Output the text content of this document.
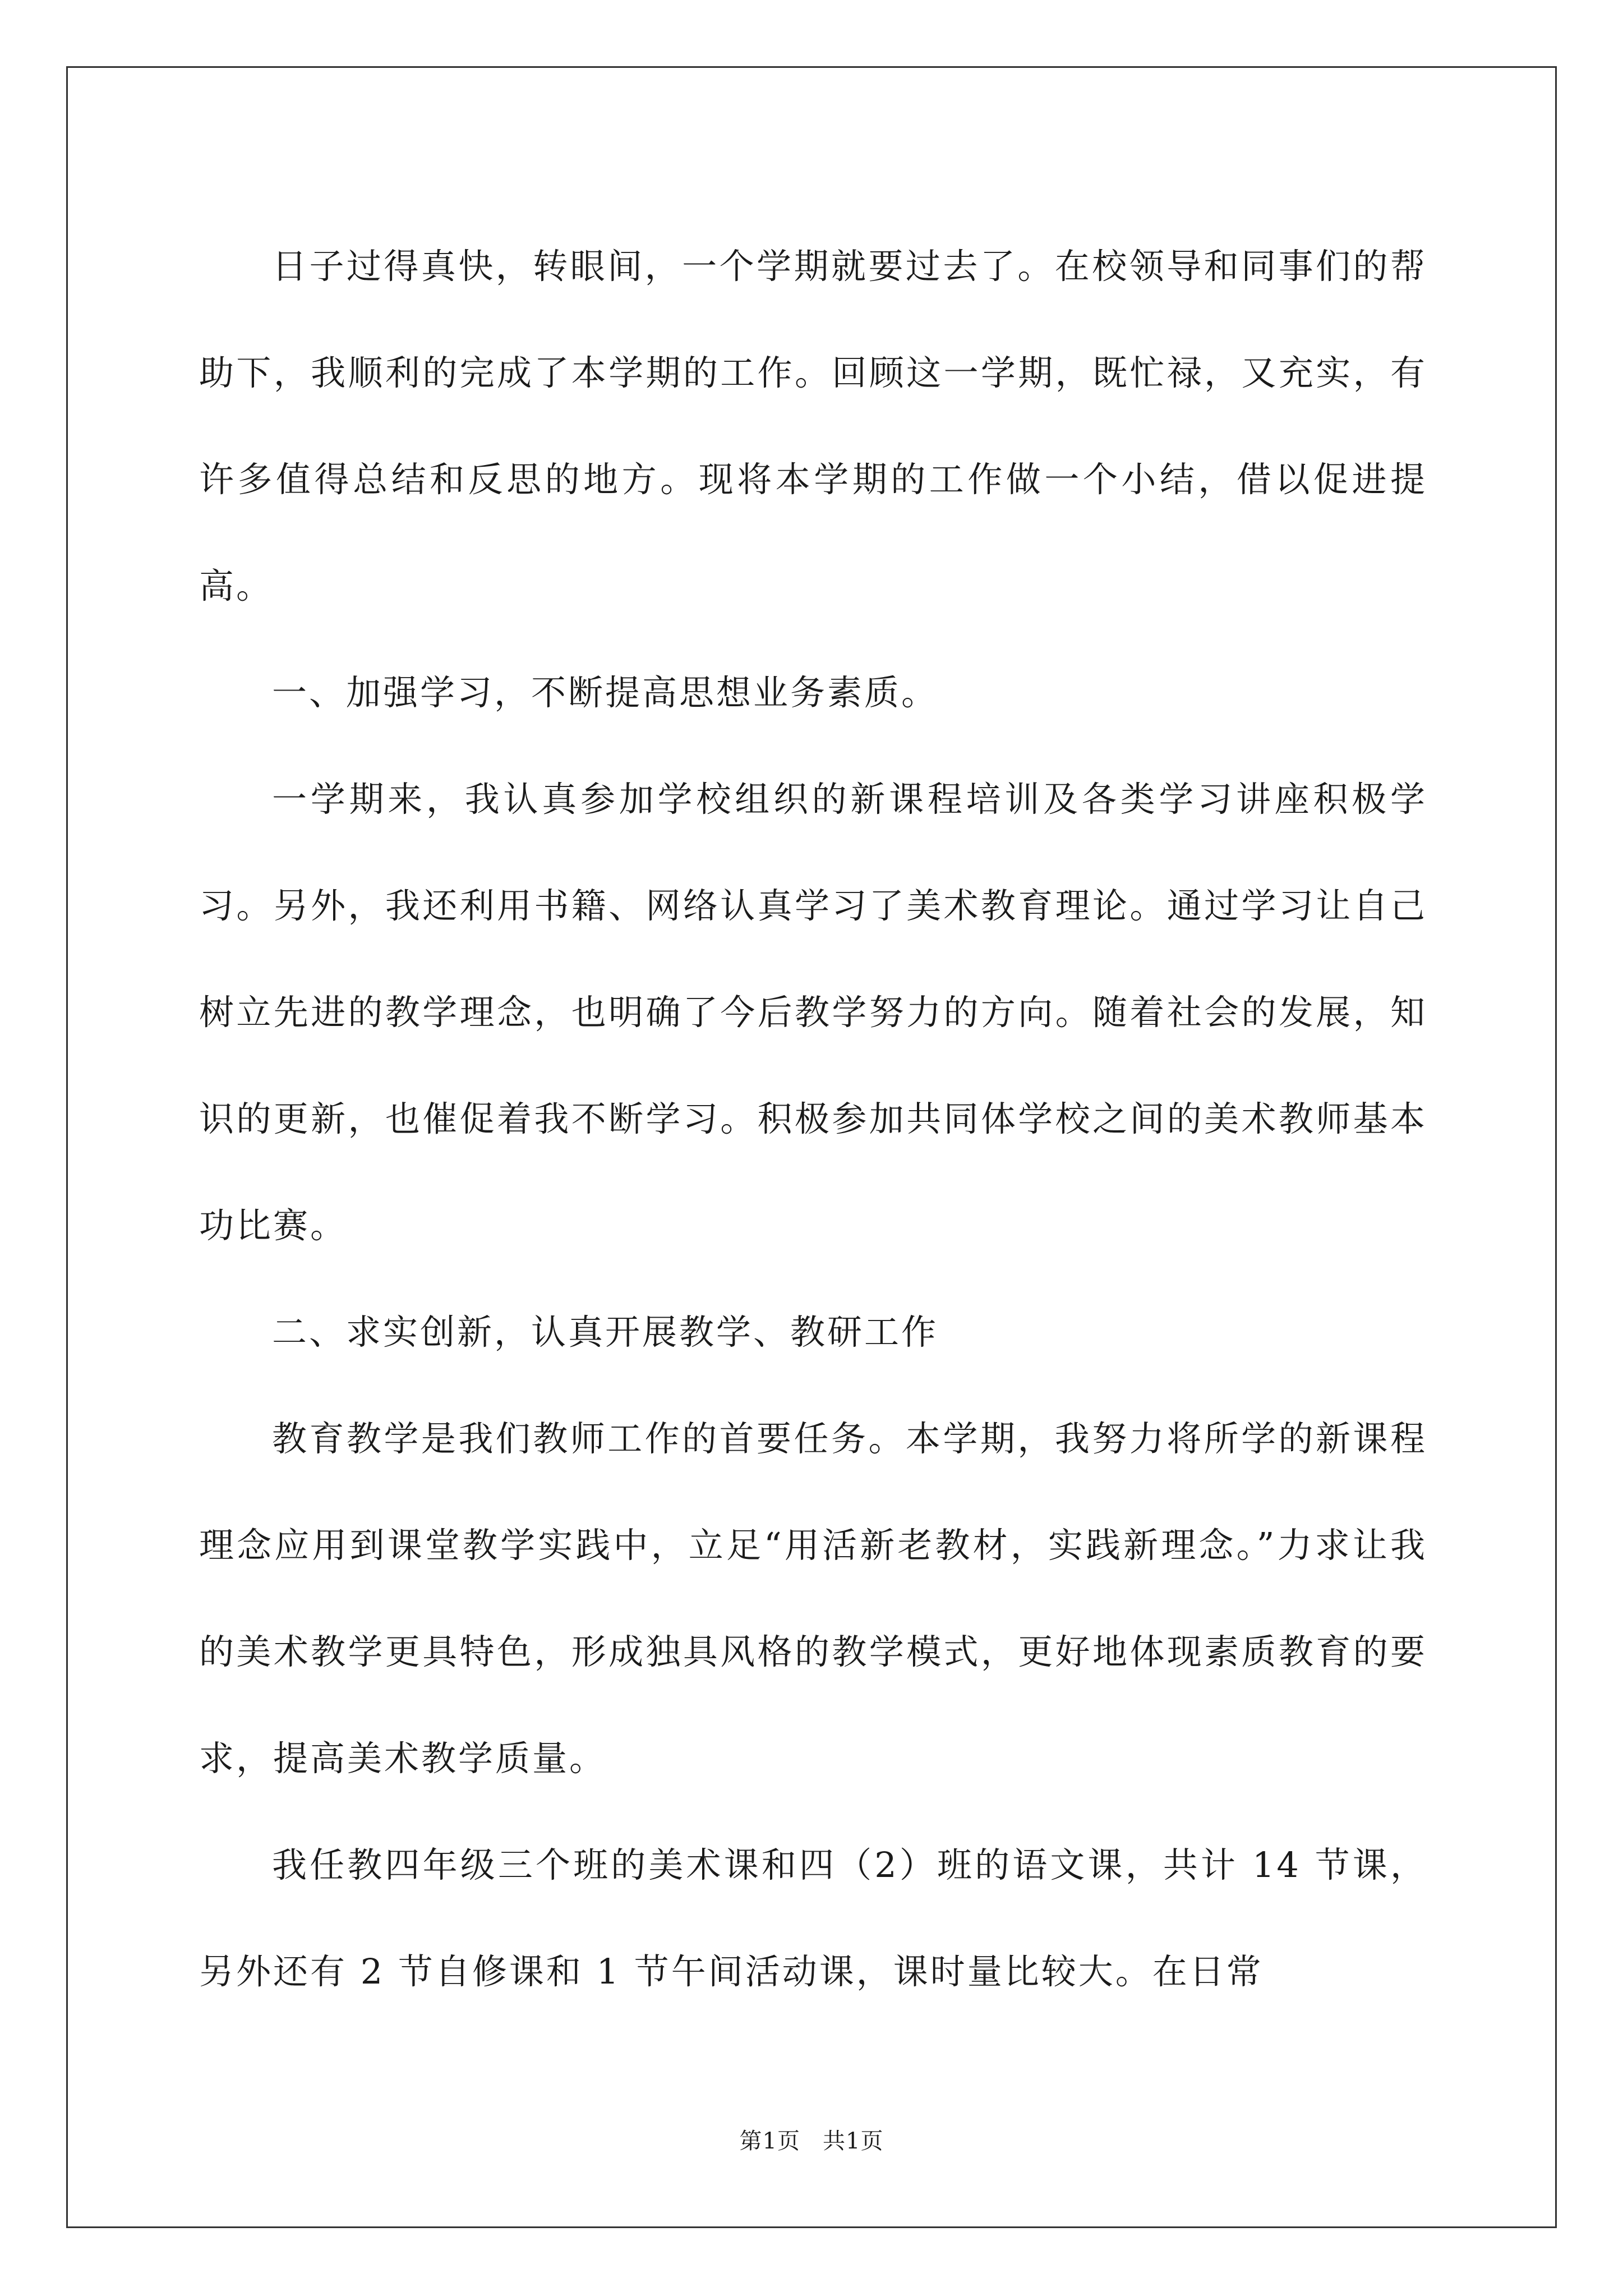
日子过得真快，转眼间，一个学期就要过去了。在校领导和同事们的帮助下，我顺利的完成了本学期的工作。回顾这一学期，既忙禄，又充实，有许多值得总结和反思的地方。现将本学期的工作做一个小结，借以促进提高。

一、加强学习，不断提高思想业务素质。

一学期来，我认真参加学校组织的新课程培训及各类学习讲座积极学习。另外，我还利用书籍、网络认真学习了美术教育理论。通过学习让自己树立先进的教学理念，也明确了今后教学努力的方向。随着社会的发展，知识的更新，也催促着我不断学习。积极参加共同体学校之间的美术教师基本功比赛。

二、求实创新，认真开展教学、教研工作

教育教学是我们教师工作的首要任务。本学期，我努力将所学的新课程理念应用到课堂教学实践中，立足“用活新老教材，实践新理念。”力求让我的美术教学更具特色，形成独具风格的教学模式，更好地体现素质教育的要求，提高美术教学质量。

我任教四年级三个班的美术课和四（2）班的语文课，共计 14 节课，另外还有 2 节自修课和 1 节午间活动课，课时量比较大。在日常

第1页 共1页
